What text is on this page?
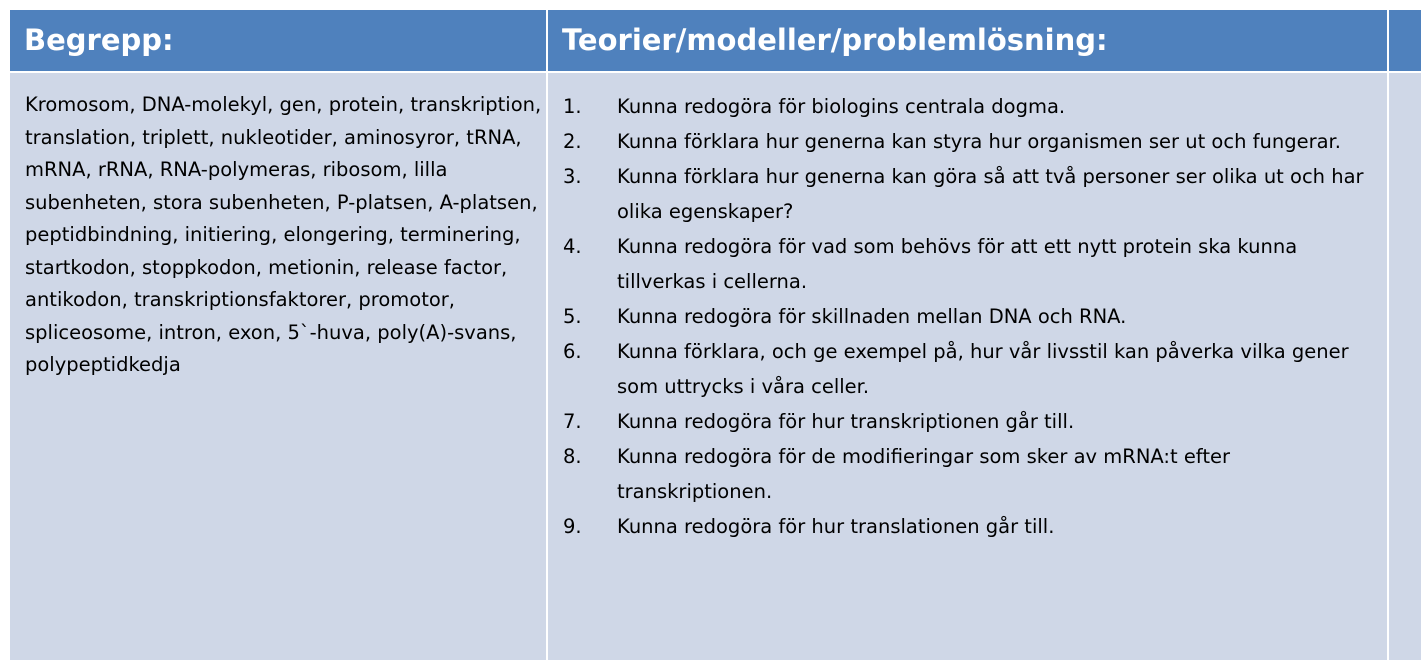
Begrepp:	Teorier/modeller/problemlösning:

Kromosom, DNA-molekyl, gen, protein, transkription, translation, triplett, nukleotider, aminosyror, tRNA, mRNA, rRNA, RNA-polymeras, ribosom, lilla subenheten, stora subenheten, P-platsen, A-platsen, peptidbindning, initiering, elongering, terminering, startkodon, stoppkodon, metionin, release factor, antikodon, transkriptionsfaktorer, promotor, spliceosome, intron, exon, 5`-huva, poly(A)-svans, polypeptidkedja

1. Kunna redogöra för biologins centrala dogma.
2. Kunna förklara hur generna kan styra hur organismen ser ut och fungerar.
3. Kunna förklara hur generna kan göra så att två personer ser olika ut och har olika egenskaper?
4. Kunna redogöra för vad som behövs för att ett nytt protein ska kunna tillverkas i cellerna.
5. Kunna redogöra för skillnaden mellan DNA och RNA.
6. Kunna förklara, och ge exempel på, hur vår livsstil kan påverka vilka gener som uttrycks i våra celler.
7. Kunna redogöra för hur transkriptionen går till.
8. Kunna redogöra för de modifieringar som sker av mRNA:t efter transkriptionen.
9. Kunna redogöra för hur translationen går till.
